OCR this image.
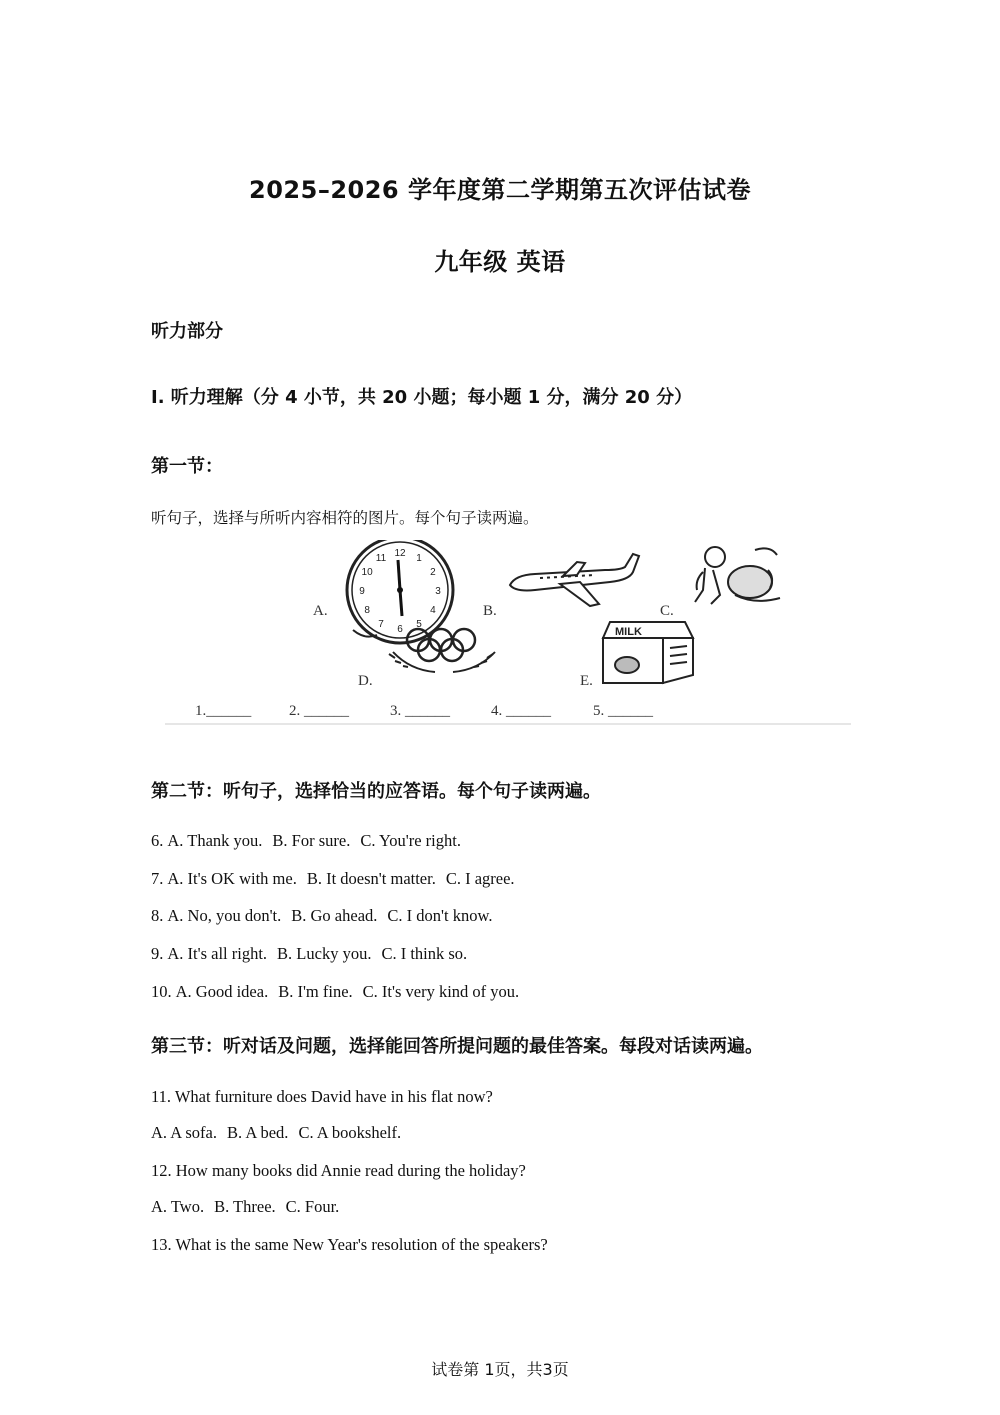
2025–2026 学年度第二学期第五次评估试卷
九年级 英语
听力部分
I. 听力理解（分 4 小节，共 20 小题；每小题 1 分，满分 20 分）
第一节：
听句子，选择与所听内容相符的图片。每个句子读两遍。
12 1
2
3
4
5
6
7
8
9
10
11
A.	B.	C.
D.
MILK
E.
1.______	2. ______	3. ______	4. ______	5. ______
第二节：听句子，选择恰当的应答语。每个句子读两遍。
6. A. Thank you. B. For sure. C. You're right.
7. A. It's OK with me. B. It doesn't matter. C. I agree.
8. A. No, you don't. B. Go ahead. C. I don't know.
9. A. It's all right. B. Lucky you. C. I think so.
10. A. Good idea. B. I'm fine. C. It's very kind of you.
第三节：听对话及问题，选择能回答所提问题的最佳答案。每段对话读两遍。
11. What furniture does David have in his flat now?
A. A sofa. B. A bed. C. A bookshelf.
12. How many books did Annie read during the holiday?
A. Two. B. Three. C. Four.
13. What is the same New Year's resolution of the speakers?
试卷第 1页，共3页
